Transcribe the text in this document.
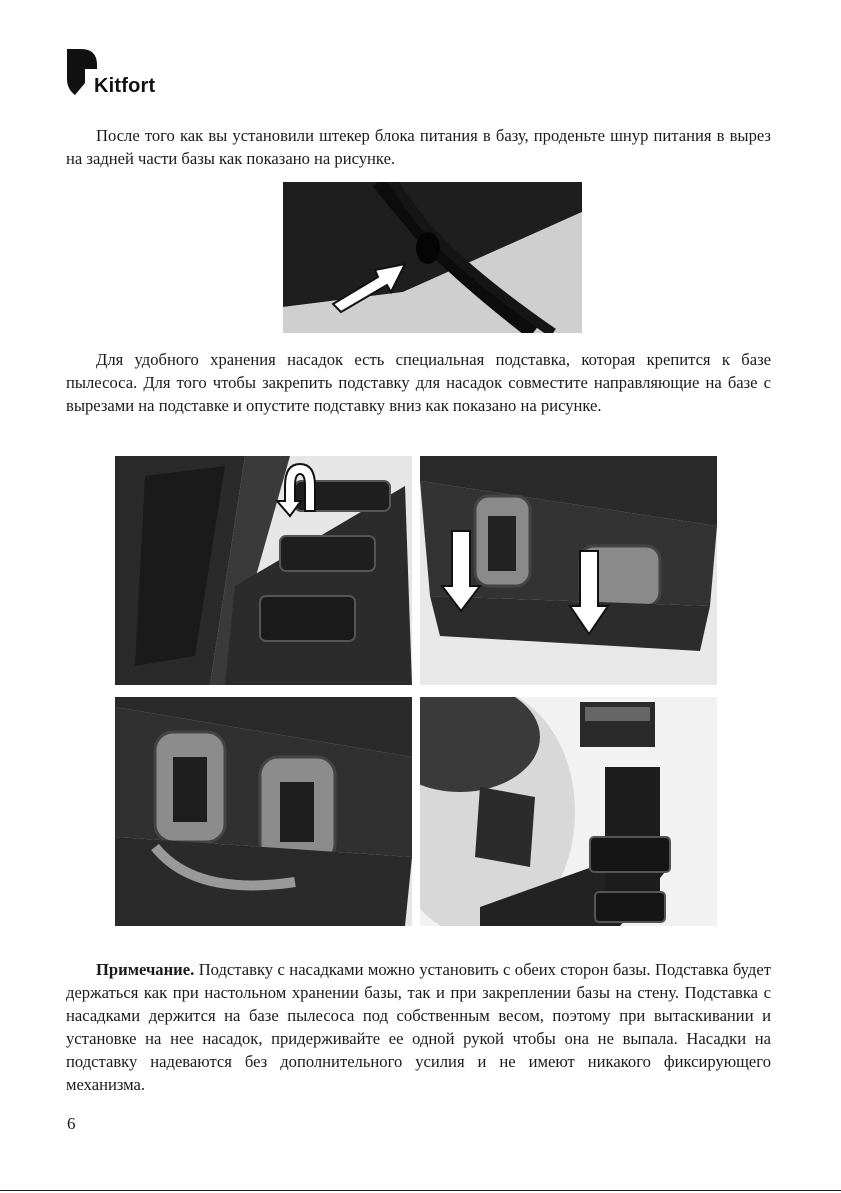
Kitfort

После того как вы установили штекер блока питания в базу, проденьте шнур питания в вырез на задней части базы как показано на рисунке.

Для удобного хранения насадок есть специальная подставка, которая крепится к базе пылесоса. Для того чтобы закрепить подставку для насадок совместите направляющие на базе с вырезами на подставке и опустите подставку вниз как показано на рисунке.

Примечание. Подставку с насадками можно установить с обеих сторон базы. Подставка будет держаться как при настольном хранении базы, так и при закреплении базы на стену. Подставка с насадками держится на базе пылесоса под собственным весом, поэтому при вытаскивании и установке на нее насадок, придерживайте ее одной рукой чтобы она не выпала. Насадки на подставку надеваются без дополнительного усилия и не имеют никакого фиксирующего механизма.

6
